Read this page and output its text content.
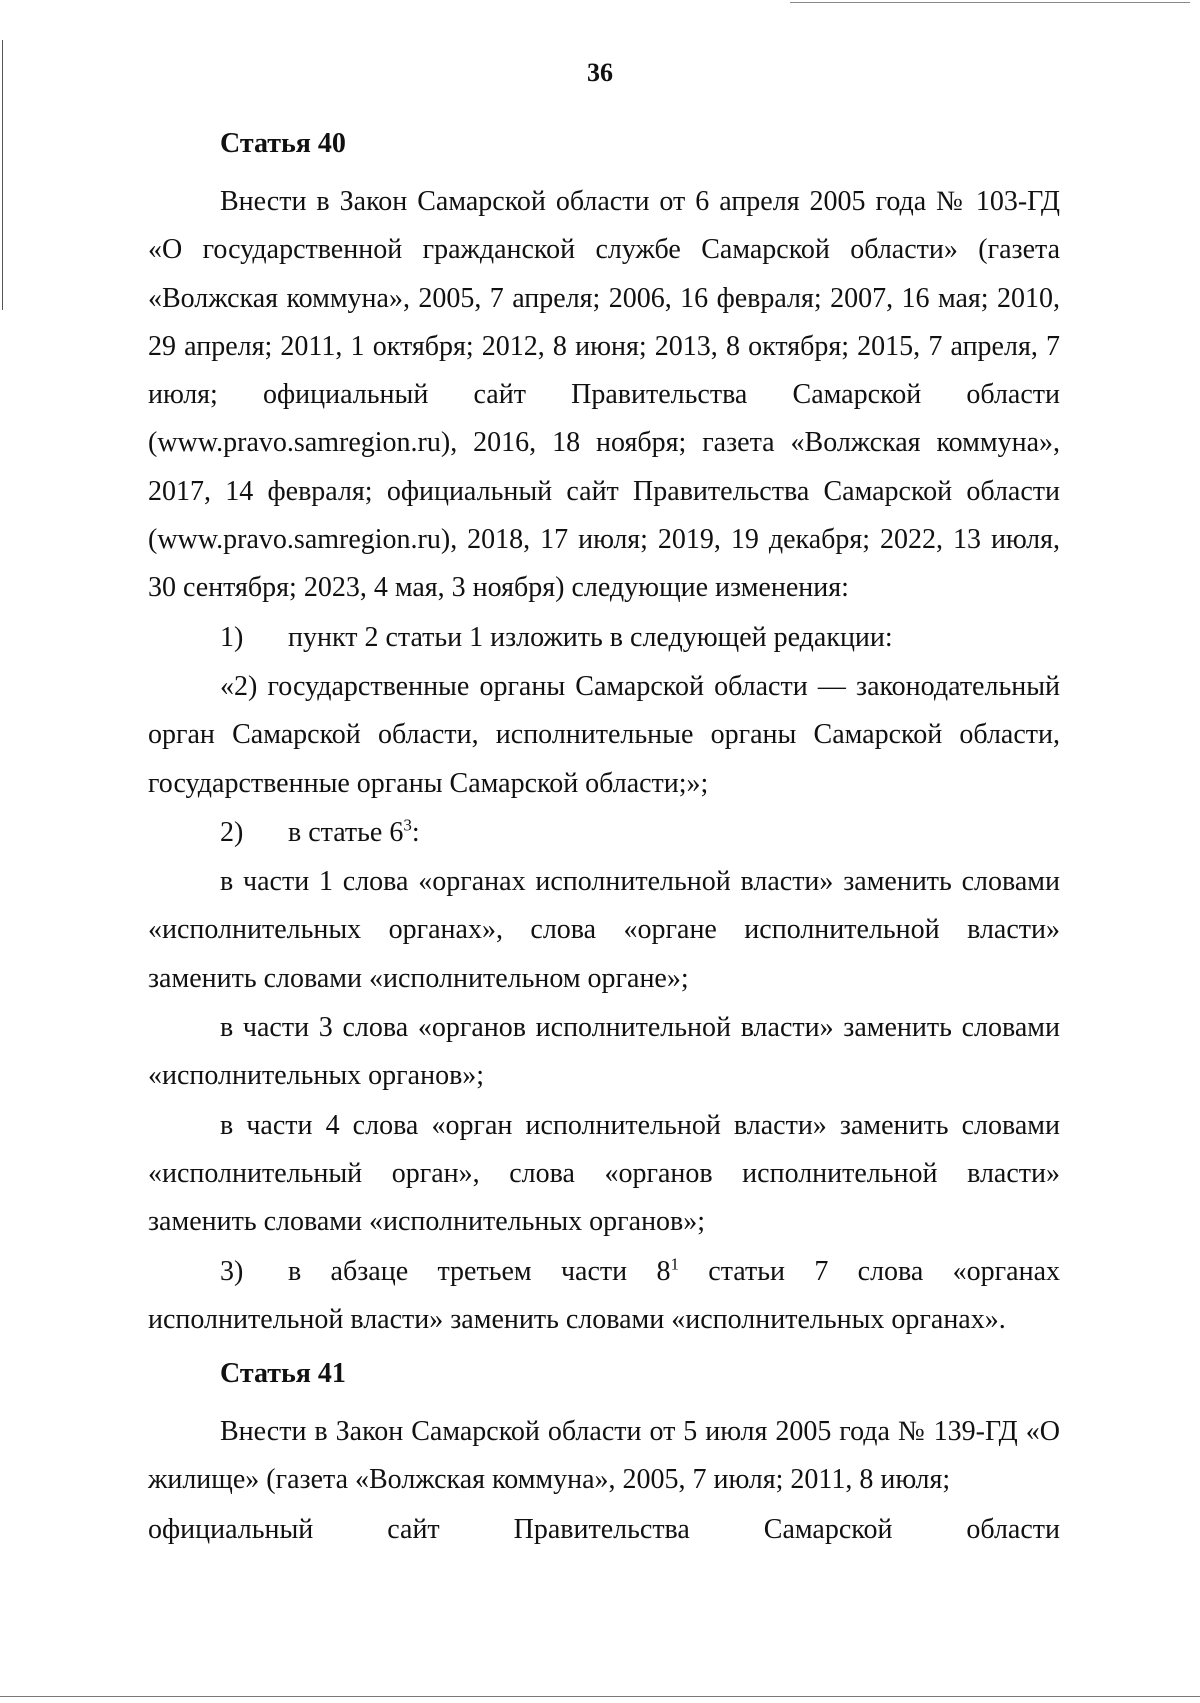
36
Статья 40

Внести в Закон Самарской области от 6 апреля 2005 года № 103-ГД «О государственной гражданской службе Самарской области» (газета «Волжская коммуна», 2005, 7 апреля; 2006, 16 февраля; 2007, 16 мая; 2010, 29 апреля; 2011, 1 октября; 2012, 8 июня; 2013, 8 октября; 2015, 7 апреля, 7 июля; официальный сайт Правительства Самарской области (www.pravo.samregion.ru), 2016, 18 ноября; газета «Волжская коммуна», 2017, 14 февраля; официальный сайт Правительства Самарской области (www.pravo.samregion.ru), 2018, 17 июля; 2019, 19 декабря; 2022, 13 июля, 30 сентября; 2023, 4 мая, 3 ноября) следующие изменения:

1) пункт 2 статьи 1 изложить в следующей редакции:

«2) государственные органы Самарской области — законодательный орган Самарской области, исполнительные органы Самарской области, государственные органы Самарской области;»;

2) в статье $6^3$:

в части 1 слова «органах исполнительной власти» заменить словами «исполнительных органах», слова «органе исполнительной власти» заменить словами «исполнительном органе»;

в части 3 слова «органов исполнительной власти» заменить словами «исполнительных органов»;

в части 4 слова «орган исполнительной власти» заменить словами «исполнительный орган», слова «органов исполнительной власти» заменить словами «исполнительных органов»;

3) в абзаце третьем части $8^1$ статьи 7 слова «органах исполнительной власти» заменить словами «исполнительных органах».

Статья 41

Внести в Закон Самарской области от 5 июля 2005 года № 139-ГД «О жилище» (газета «Волжская коммуна», 2005, 7 июля; 2011, 8 июля;

официальный сайт Правительства Самарской области
